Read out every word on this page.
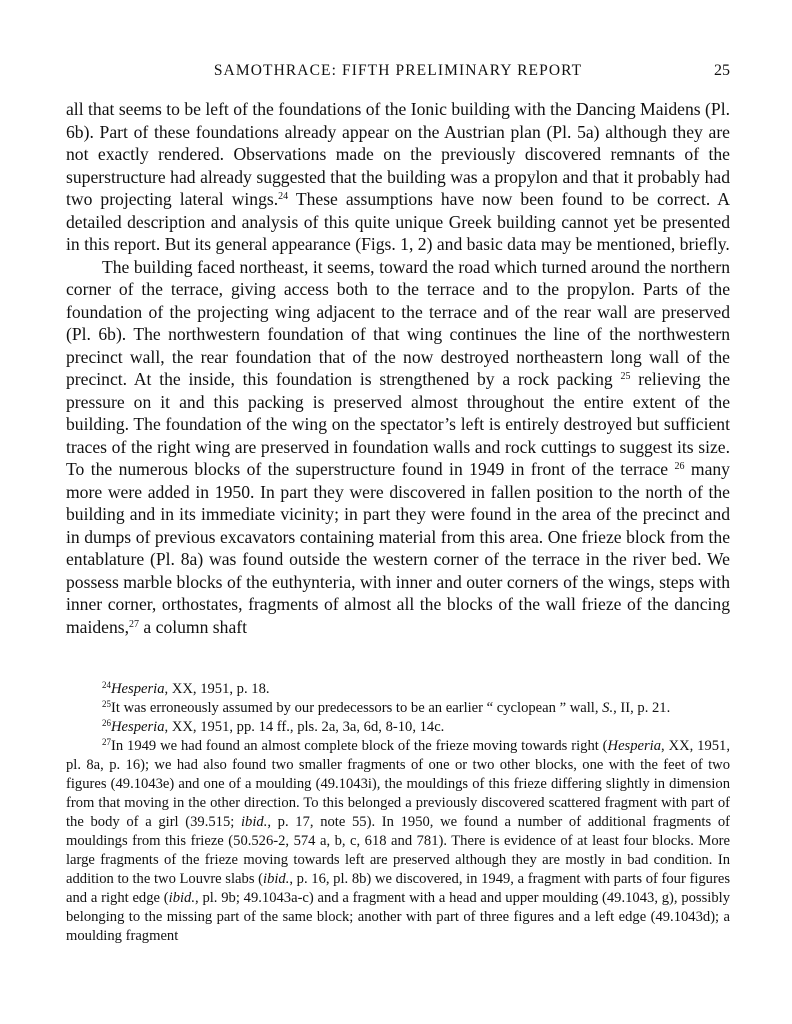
SAMOTHRACE: FIFTH PRELIMINARY REPORT	25

all that seems to be left of the foundations of the Ionic building with the Dancing Maidens (Pl. 6b). Part of these foundations already appear on the Austrian plan (Pl. 5a) although they are not exactly rendered. Observations made on the previously discovered remnants of the superstructure had already suggested that the building was a propylon and that it probably had two projecting lateral wings.$^{24}$ These assumptions have now been found to be correct. A detailed description and analysis of this quite unique Greek building cannot yet be presented in this report. But its general appearance (Figs. 1, 2) and basic data may be mentioned, briefly.

The building faced northeast, it seems, toward the road which turned around the northern corner of the terrace, giving access both to the terrace and to the propylon. Parts of the foundation of the projecting wing adjacent to the terrace and of the rear wall are preserved (Pl. 6b). The northwestern foundation of that wing continues the line of the northwestern precinct wall, the rear foundation that of the now destroyed northeastern long wall of the precinct. At the inside, this foundation is strengthened by a rock packing $^{25}$ relieving the pressure on it and this packing is preserved almost throughout the entire extent of the building. The foundation of the wing on the spectator’s left is entirely destroyed but sufficient traces of the right wing are preserved in foundation walls and rock cuttings to suggest its size. To the numerous blocks of the superstructure found in 1949 in front of the terrace $^{26}$ many more were added in 1950. In part they were discovered in fallen position to the north of the building and in its immediate vicinity; in part they were found in the area of the precinct and in dumps of previous excavators containing material from this area. One frieze block from the entablature (Pl. 8a) was found outside the western corner of the terrace in the river bed. We possess marble blocks of the euthynteria, with inner and outer corners of the wings, steps with inner corner, orthostates, fragments of almost all the blocks of the wall frieze of the dancing maidens,$^{27}$ a column shaft

$^{24}$Hesperia, XX, 1951, p. 18.

$^{25}$It was erroneously assumed by our predecessors to be an earlier “ cyclopean ” wall, S., II, p. 21.

$^{26}$Hesperia, XX, 1951, pp. 14 ff., pls. 2a, 3a, 6d, 8-10, 14c.

$^{27}$In 1949 we had found an almost complete block of the frieze moving towards right (Hesperia, XX, 1951, pl. 8a, p. 16); we had also found two smaller fragments of one or two other blocks, one with the feet of two figures (49.1043e) and one of a moulding (49.1043i), the mouldings of this frieze differing slightly in dimension from that moving in the other direction. To this belonged a previously discovered scattered fragment with part of the body of a girl (39.515; ibid., p. 17, note 55). In 1950, we found a number of additional fragments of mouldings from this frieze (50.526-2, 574 a, b, c, 618 and 781). There is evidence of at least four blocks. More large fragments of the frieze moving towards left are preserved although they are mostly in bad condition. In addition to the two Louvre slabs (ibid., p. 16, pl. 8b) we discovered, in 1949, a fragment with parts of four figures and a right edge (ibid., pl. 9b; 49.1043a-c) and a fragment with a head and upper moulding (49.1043, g), possibly belonging to the missing part of the same block; another with part of three figures and a left edge (49.1043d); a moulding fragment
